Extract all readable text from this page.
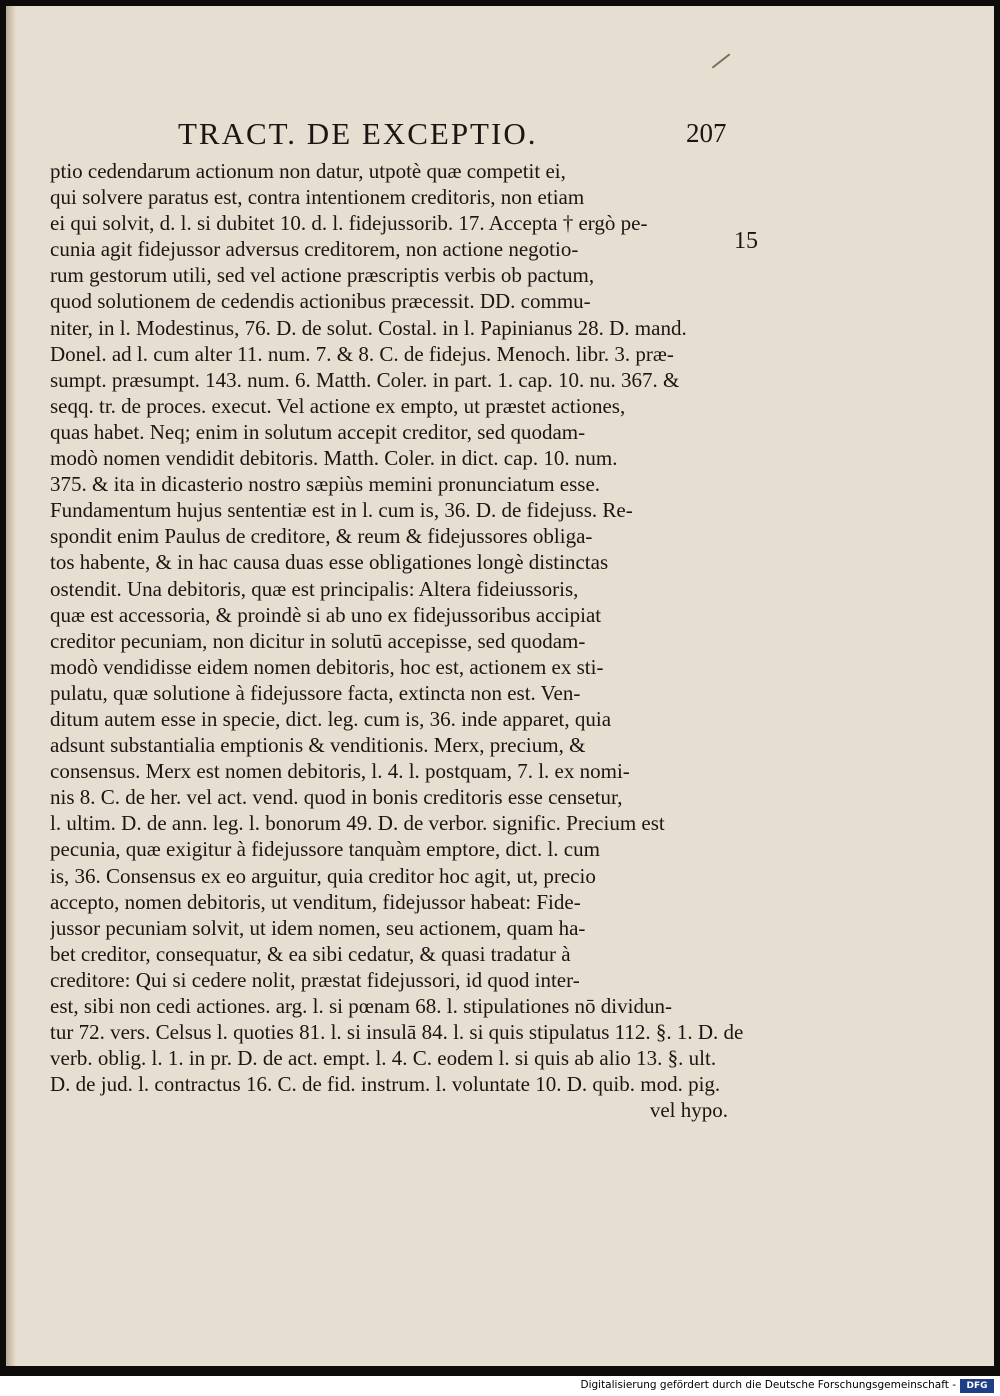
TRACT. DE EXCEPTIO.	207
15
ptio cedendarum actionum non datur, utpotè quæ competit ei,
qui solvere paratus est, contra intentionem creditoris, non etiam
ei qui solvit, d. l. si dubitet 10. d. l. fidejussorib. 17. Accepta † ergò pe-
cunia agit fidejussor adversus creditorem, non actione negotio-
rum gestorum utili, sed vel actione præscriptis verbis ob pactum,
quod solutionem de cedendis actionibus præcessit. DD. commu-
niter, in l. Modestinus, 76. D. de solut. Costal. in l. Papinianus 28. D. mand.
Donel. ad l. cum alter 11. num. 7. & 8. C. de fidejus. Menoch. libr. 3. præ-
sumpt. præsumpt. 143. num. 6. Matth. Coler. in part. 1. cap. 10. nu. 367. &
seqq. tr. de proces. execut. Vel actione ex empto, ut præstet actiones,
quas habet. Neq; enim in solutum accepit creditor, sed quodam-
modò nomen vendidit debitoris. Matth. Coler. in dict. cap. 10. num.
375. & ita in dicasterio nostro sæpiùs memini pronunciatum esse.
Fundamentum hujus sententiæ est in l. cum is, 36. D. de fidejuss. Re-
spondit enim Paulus de creditore, & reum & fidejussores obliga-
tos habente, & in hac causa duas esse obligationes longè distinctas
ostendit. Una debitoris, quæ est principalis: Altera fideiussoris,
quæ est accessoria, & proindè si ab uno ex fidejussoribus accipiat
creditor pecuniam, non dicitur in solutū accepisse, sed quodam-
modò vendidisse eidem nomen debitoris, hoc est, actionem ex sti-
pulatu, quæ solutione à fidejussore facta, extincta non est. Ven-
ditum autem esse in specie, dict. leg. cum is, 36. inde apparet, quia
adsunt substantialia emptionis & venditionis. Merx, precium, &
consensus. Merx est nomen debitoris, l. 4. l. postquam, 7. l. ex nomi-
nis 8. C. de her. vel act. vend. quod in bonis creditoris esse censetur,
l. ultim. D. de ann. leg. l. bonorum 49. D. de verbor. signific. Precium est
pecunia, quæ exigitur à fidejussore tanquàm emptore, dict. l. cum
is, 36. Consensus ex eo arguitur, quia creditor hoc agit, ut, precio
accepto, nomen debitoris, ut venditum, fidejussor habeat: Fide-
jussor pecuniam solvit, ut idem nomen, seu actionem, quam ha-
bet creditor, consequatur, & ea sibi cedatur, & quasi tradatur à
creditore: Qui si cedere nolit, præstat fidejussori, id quod inter-
est, sibi non cedi actiones. arg. l. si pœnam 68. l. stipulationes nō dividun-
tur 72. vers. Celsus l. quoties 81. l. si insulā 84. l. si quis stipulatus 112. §. 1. D. de
verb. oblig. l. 1. in pr. D. de act. empt. l. 4. C. eodem l. si quis ab alio 13. §. ult.
D. de jud. l. contractus 16. C. de fid. instrum. l. voluntate 10. D. quib. mod. pig.
vel hypo.
Digitalisierung gefördert durch die Deutsche Forschungsgemeinschaft -	DFG
